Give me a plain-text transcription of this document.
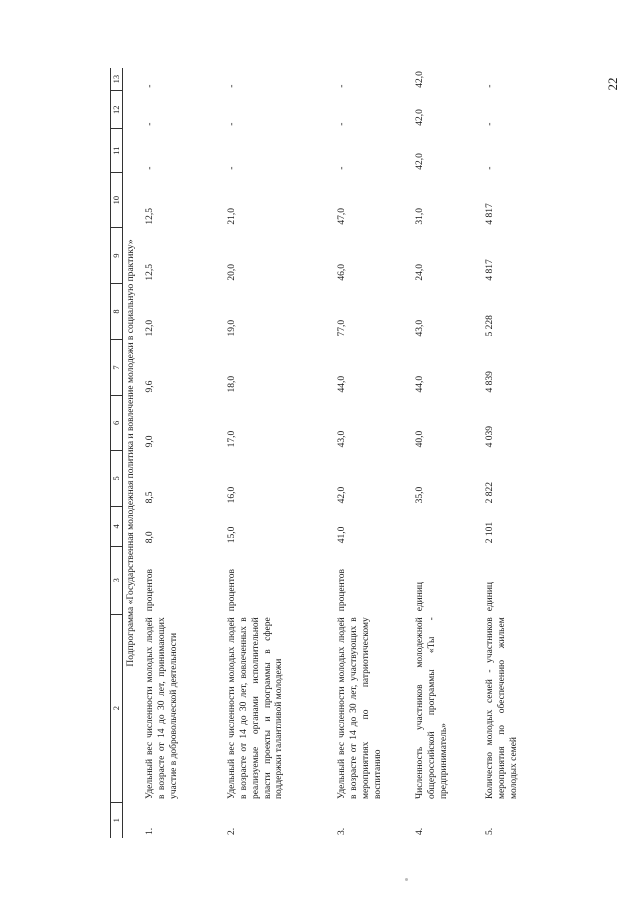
22
1	2	3	4	5	6	7	8	9	10	11	12	13
Подпрограмма «Государственная молодежная политика и вовлечение молодежи в социальную практику»												
1.	Удельный вес численности молодых людей в возрасте от 14 до 30 лет, принимающих участие в добровольческой деятельности	процентов	8,0	8,5	9,0	9,6	12,0	12,5	12,5	-	-	-
2.	Удельный вес численности молодых людей в возрасте от 14 до 30 лет, вовлеченных в реализуемые органами исполнительной власти проекты и программы в сфере поддержки талантливой молодежи	процентов	15,0	16,0	17,0	18,0	19,0	20,0	21,0	-	-	-
3.	Удельный вес численности молодых людей в возрасте от 14 до 30 лет, участвующих в мероприятиях по патриотическому воспитанию	процентов	41,0	42,0	43,0	44,0	77,0	46,0	47,0	-	-	-
4.	Численность участников молодежной общероссийской программы «Ты - предприниматель»	единиц		35,0	40,0	44,0	43,0	24,0	31,0	42,0	42,0	42,0
5.	Количество молодых семей - участников мероприятия по обеспечению жильем молодых семей	единиц	2 101	2 822	4 039	4 839	5 228	4 817	4 817	-	-	-
